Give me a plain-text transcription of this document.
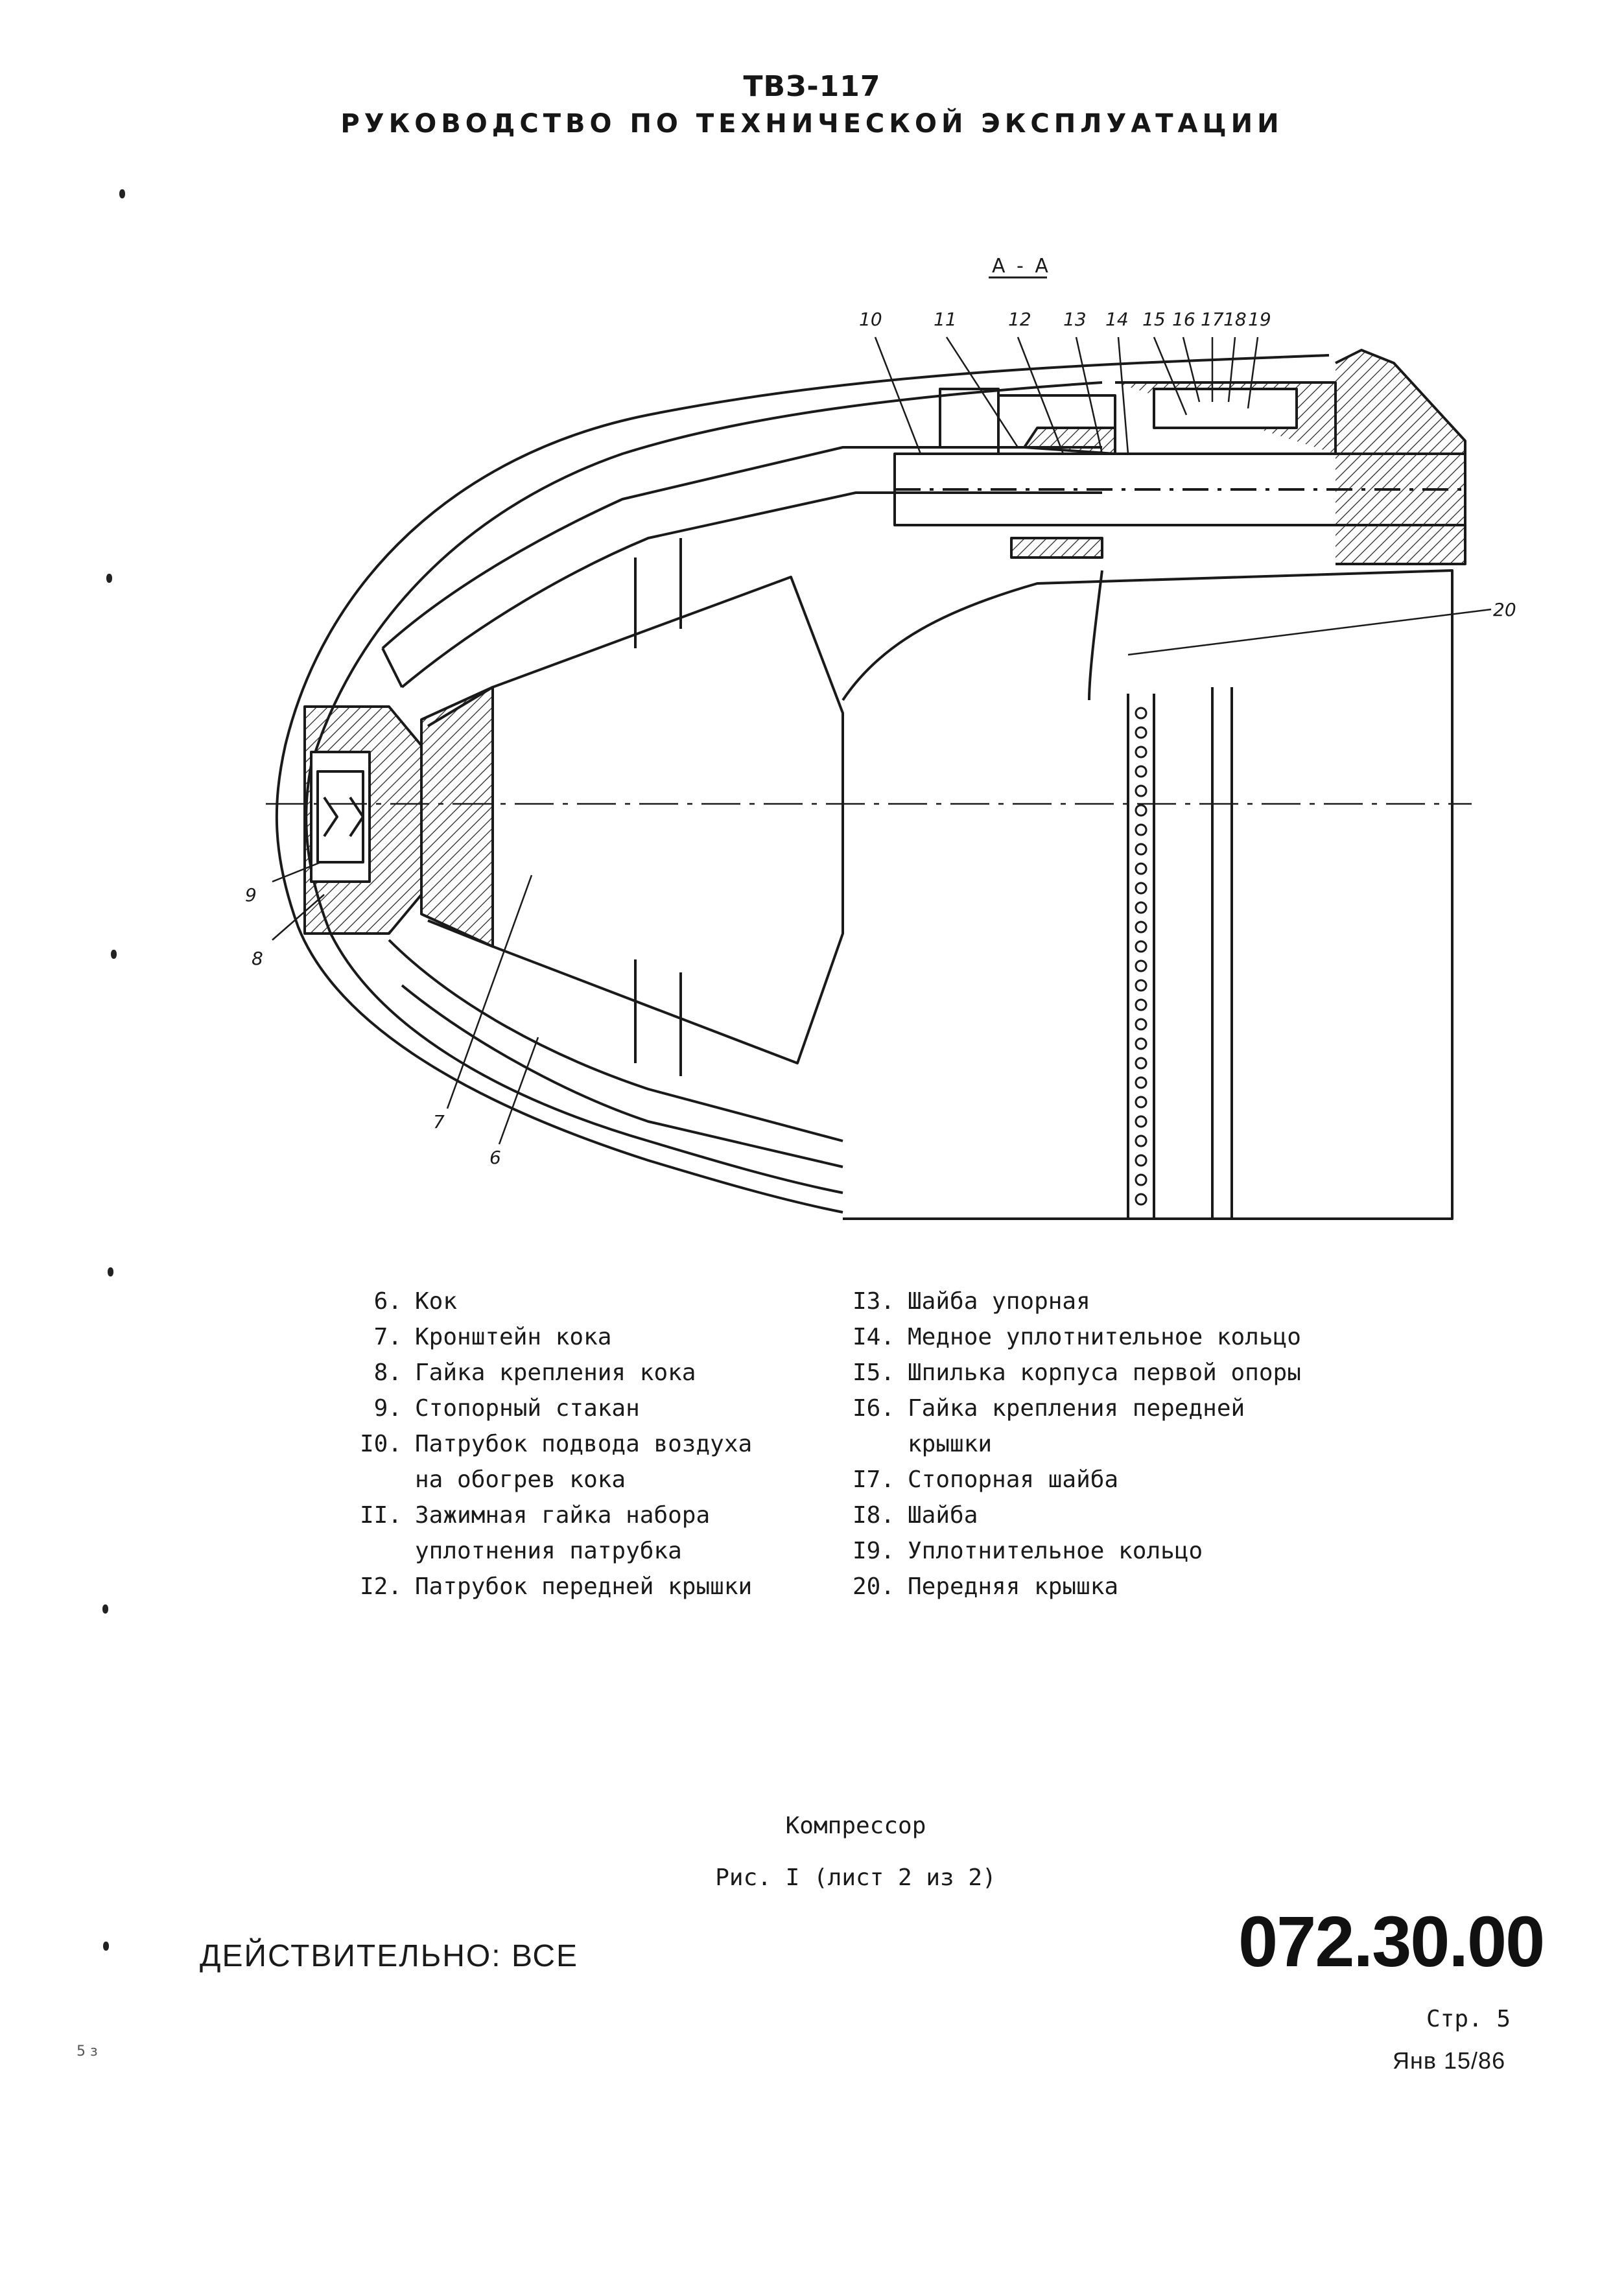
ТВЗ-117
РУКОВОДСТВО ПО ТЕХНИЧЕСКОЙ ЭКСПЛУАТАЦИИ
А - А
10	11	12 13 14 15 16 17 18 19
20
9
8
7
6
6. Кок
7. Кронштейн кока
8. Гайка крепления кока
9. Стопорный стакан
I0. Патрубок подвода воздуха
на обогрев кока
II. Зажимная гайка набора
уплотнения патрубка
I2. Патрубок передней крышки
I3. Шайба упорная
I4. Медное уплотнительное кольцо
I5. Шпилька корпуса первой опоры
I6. Гайка крепления передней
крышки
I7. Стопорная шайба
I8. Шайба
I9. Уплотнительное кольцо
20. Передняя крышка
Компрессор
Рис. I (лист 2 из 2)
ДЕЙСТВИТЕЛЬНО: ВСЕ	072.30.00
Стр. 5
Янв 15/86
5 з
